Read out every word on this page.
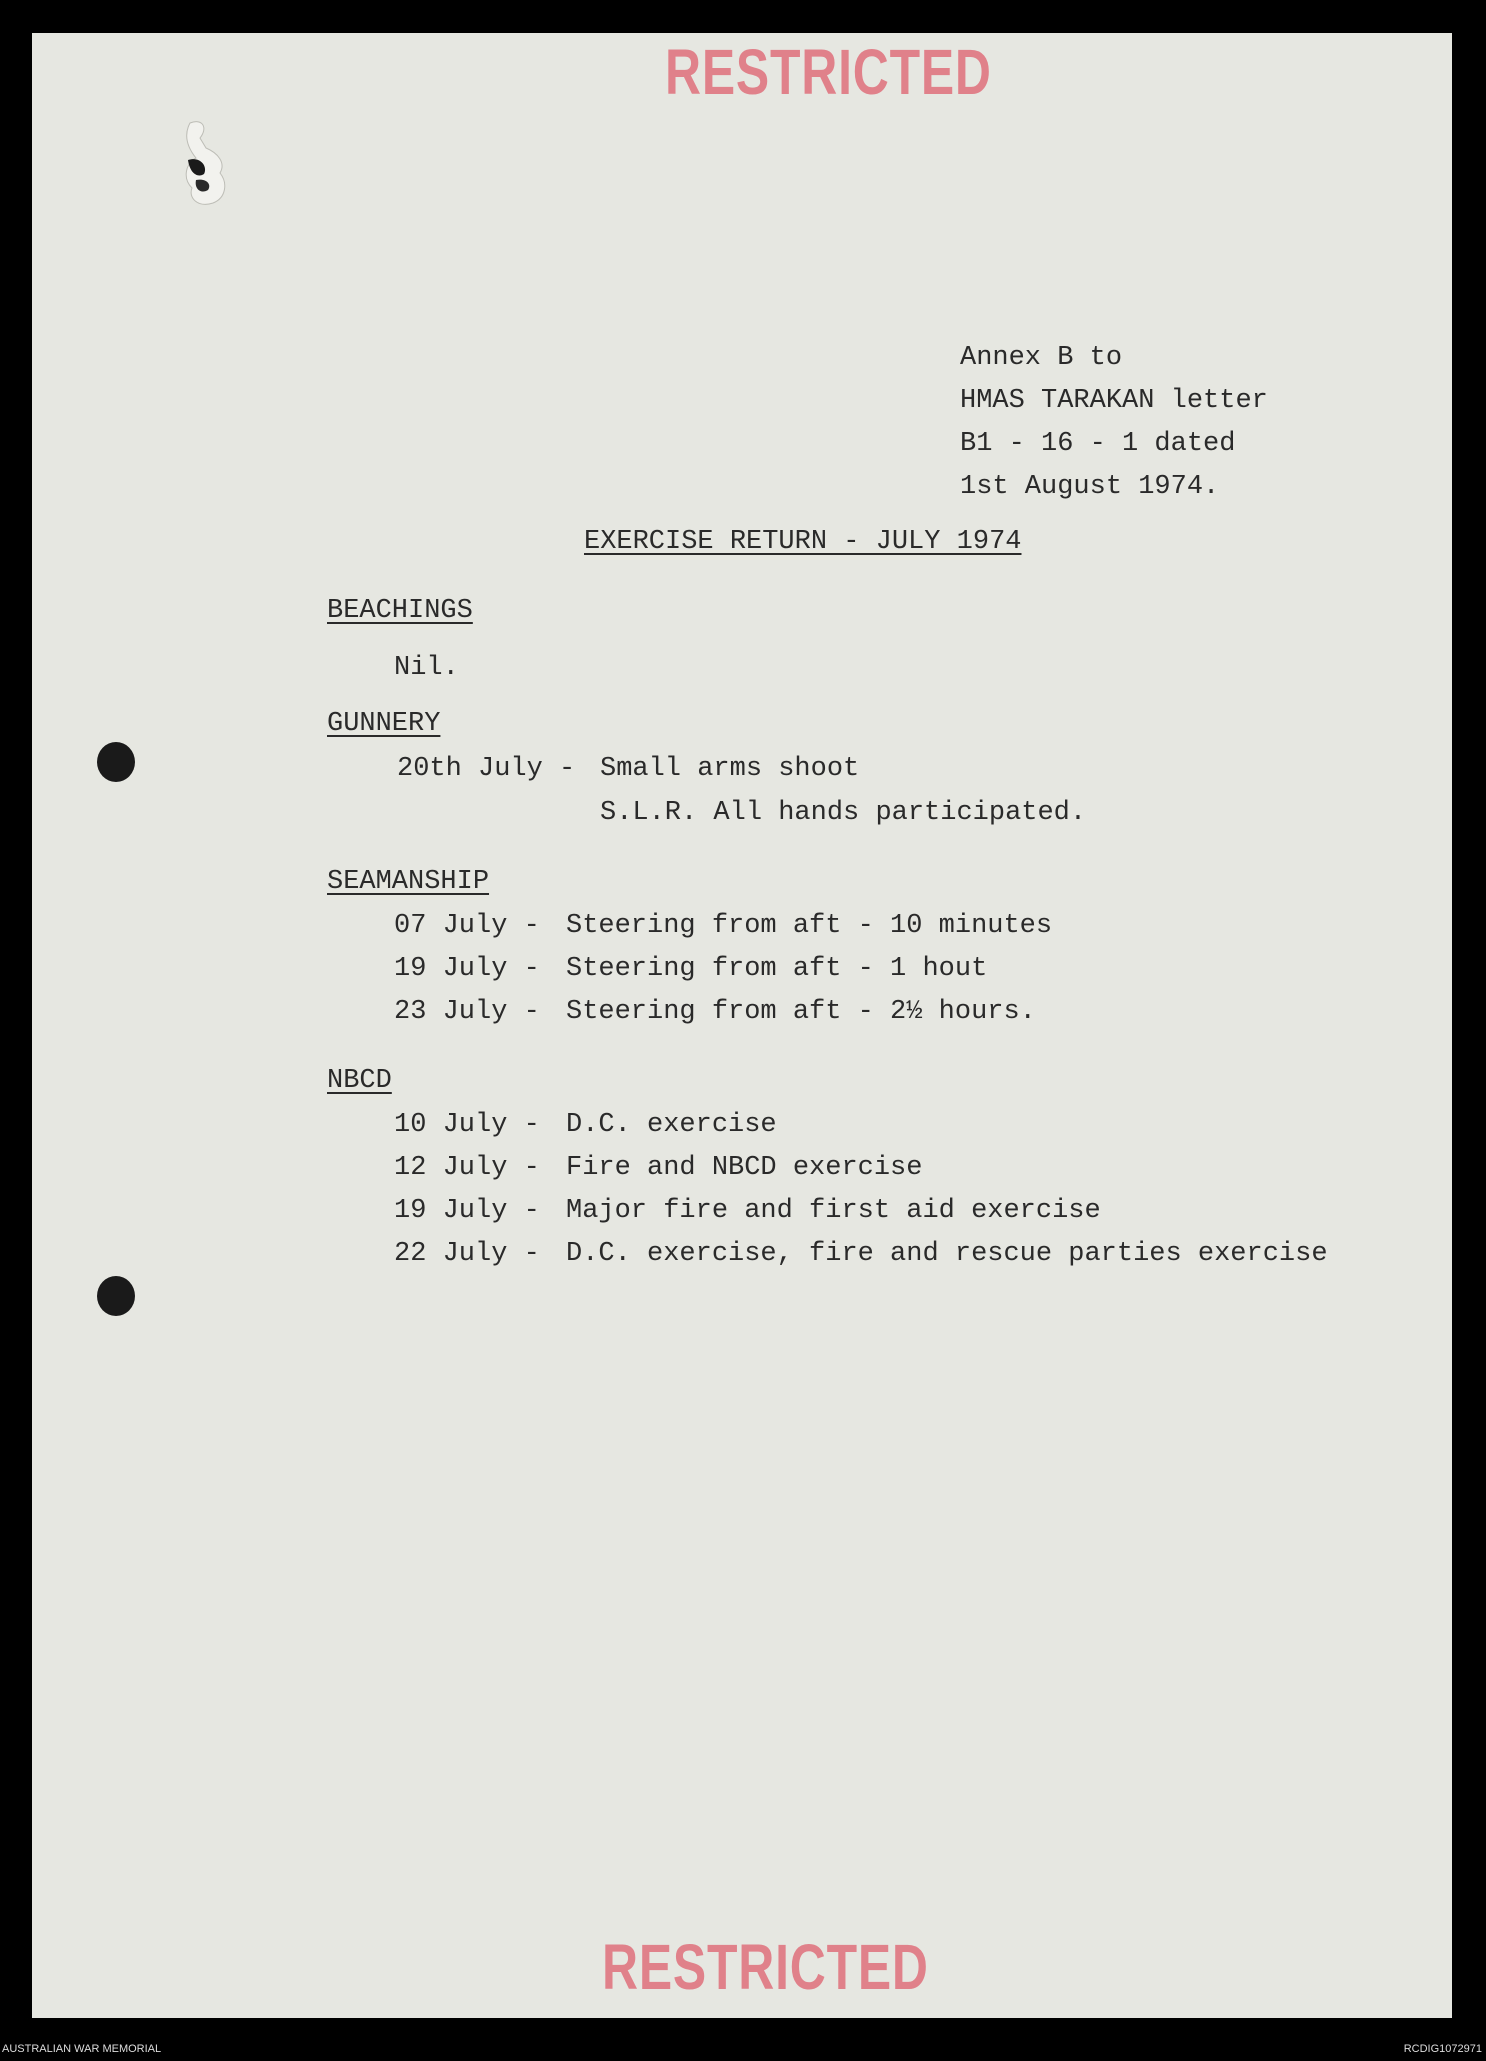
RESTRICTED
Annex B to
HMAS TARAKAN letter
B1 - 16 - 1 dated
1st August 1974.
EXERCISE RETURN - JULY 1974
BEACHINGS
Nil.
GUNNERY
20th July - Small arms shoot
S.L.R. All hands participated.
SEAMANSHIP
07 July - Steering from aft - 10 minutes
19 July - Steering from aft - 1 hout
23 July - Steering from aft - 2½ hours.
NBCD
10 July - D.C. exercise
12 July - Fire and NBCD exercise
19 July - Major fire and first aid exercise
22 July - D.C. exercise, fire and rescue parties exercise
RESTRICTED
AUSTRALIAN WAR MEMORIAL	RCDIG1072971
